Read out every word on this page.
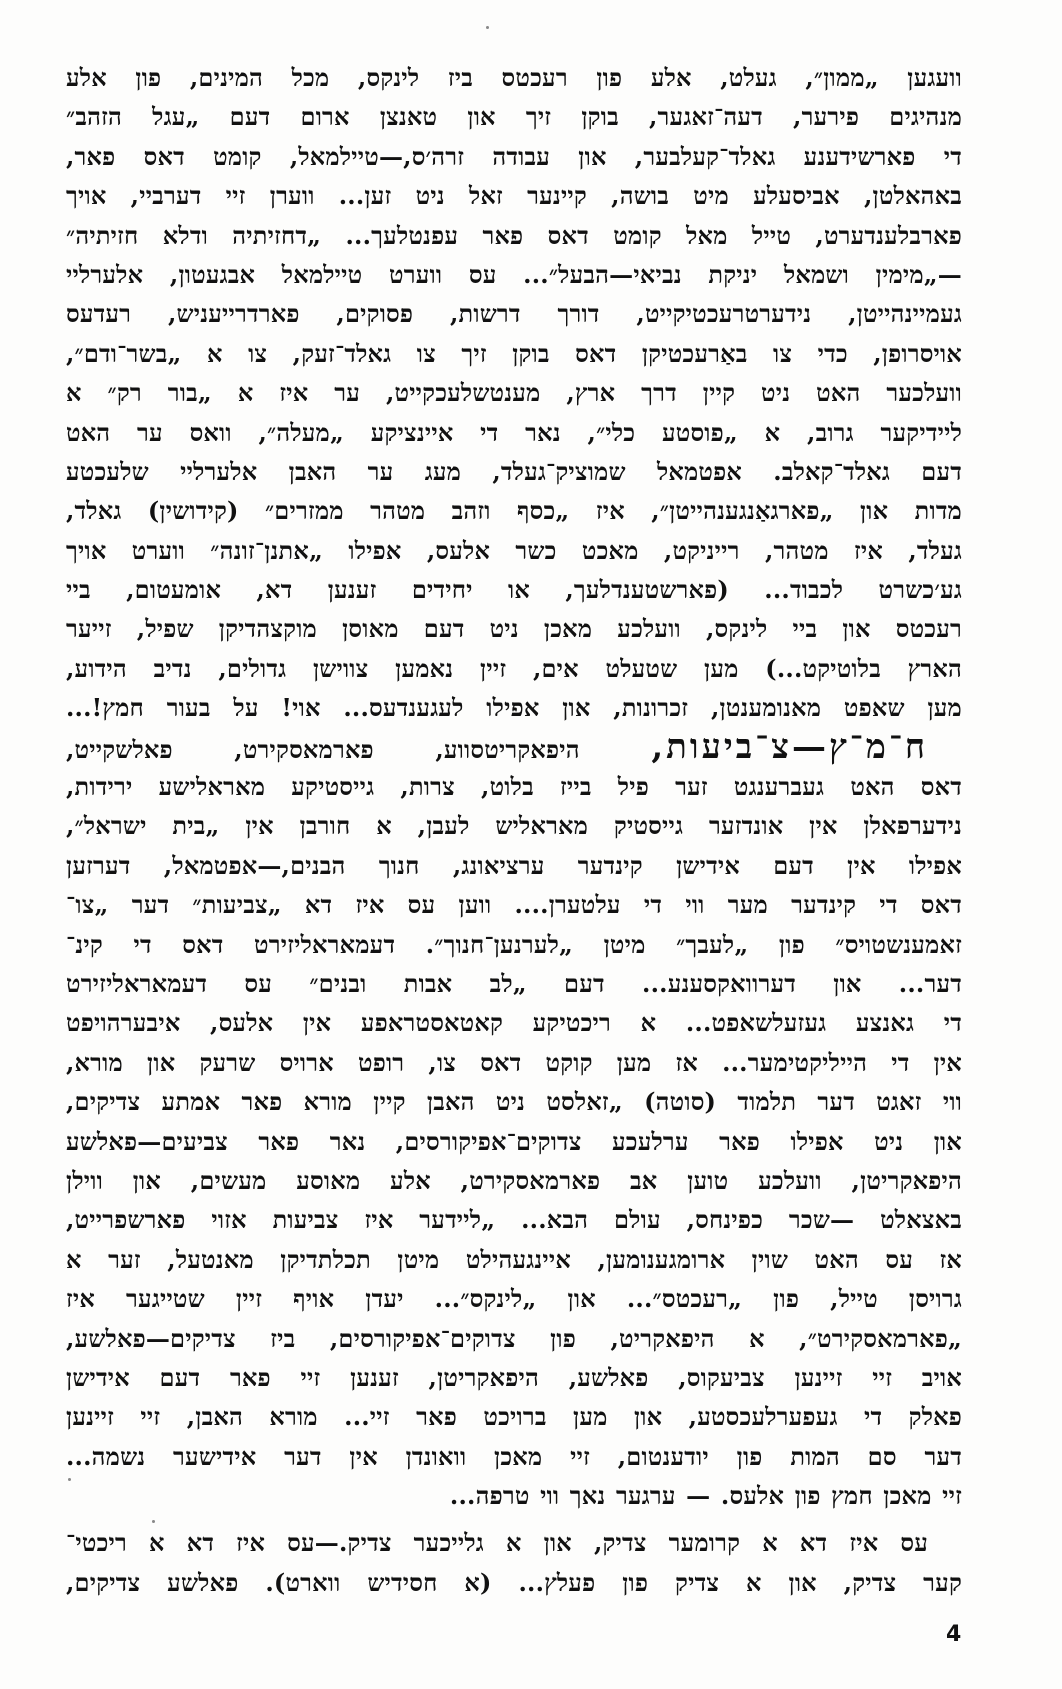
וועגען „ממון״, געלט, אלע פון רעכטס ביז לינקס, מכל המינים, פון אלע
מנהיגים פירער, דעה־זאגער, בוקן זיך און טאנצן ארום דעם „עגל הזהב״
די פארשידענע גאלד־קעלבער, און עבודה זרה׳ס,—טיילמאל, קומט דאס פאר,
באהאלטן, אביסעלע מיט בושה, קיינער זאל ניט זען... ווערן זיי דערביי, אויך
פארבלענדערט, טייל מאל קומט דאס פאר עפנטלעך... „דחזיתיה ודלא חזיתיה״
—„מימין ושמאל יניקת נביאי—הבעל״... עס ווערט טיילמאל אבגעטון, אלערליי
געמיינהייטן, נידערטרעכטיקייט, דורך דרשות, פסוקים, פארדרייעניש, רעדעס
אויסרופן, כדי צו באַרעכטיקן דאס בוקן זיך צו גאלד־זעק, צו א „בשר־ודם״,
וועלכער האט ניט קיין דרך ארץ, מענטשלעכקייט, ער איז א „בור רק״ א
ליידיקער גרוב, א „פוסטע כלי״, נאר די איינציקע „מעלה״, וואס ער האט
דעם גאלד־קאלב. אפטמאל שמוציק־געלד, מעג ער האבן אלערליי שלעכטע
מדות און „פארגאַנגענהייטן״, איז „כסף וזהב מטהר ממזרים״ (קידושין) גאלד,
געלד, איז מטהר, רייניקט, מאכט כשר אלעס, אפילו „אתנן־זונה״ ווערט אויך
גע׳כשרט לכבוד... (פארשטענדלעך, או יחידים זענען דא, אומעטום, ביי
רעכטס און ביי לינקס, וועלכע מאכן ניט דעם מאוסן מוקצהדיקן שפיל, זייער
הארץ בלוטיקט...) מען שטעלט אים, זיין נאמען צווישן גדולים, נדיב הידוע,
מען שאפט מאנומענטן, זכרונות, און אפילו לעגענדעס... אוי! על בעור חמץ!...
ח־מ־ץ—צ־ביעות, היפאקריטסווע, פארמאסקירט, פאלשקייט,
דאס האט געברענגט זער פיל בייז בלוט, צרות, גייסטיקע מאראלישע ירידות,
נידערפאלן אין אונדזער גייסטיק מאראליש לעבן, א חורבן אין „בית ישראל״,
אפילו אין דעם אידישן קינדער ערציאונג, חנוך הבנים,—אפטמאל, דערזען
דאס די קינדער מער ווי די עלטערן.... ווען עס איז דא „צביעות״ דער „צו־
זאמענשטויס״ פון „לעבך״ מיטן „לערנען־חנוך״. דעמאראליזירט דאס די קינ־
דער... און דערוואקסענע... דעם „לב אבות ובנים״ עס דעמאראליזירט
די גאנצע געזעלשאפט... א ריכטיקע קאטאסטראפע אין אלעס, איבערהויפט
אין די הייליקטימער... אז מען קוקט דאס צו, רופט ארויס שרעק און מורא,
ווי זאגט דער תלמוד (סוטה) „זאלסט ניט האבן קיין מורא פאר אמתע צדיקים,
און ניט אפילו פאר ערלעכע צדוקים־אפיקורסים, נאר פאר צביעים—פאלשע
היפאקריטן, וועלכע טוען אב פארמאסקירט, אלע מאוסע מעשים, און ווילן
באצאלט —שכר כפינחס, עולם הבא... „ליידער איז צביעות אזוי פארשפרייט,
אז עס האט שוין ארומגענומען, איינגעהילט מיטן תכלתדיקן מאנטעל, זער א
גרויסן טייל, פון „רעכטס״... און „לינקס״... יעדן אויף זיין שטייגער איז
„פארמאסקירט״, א היפאקריט, פון צדוקים־אפיקורסים, ביז צדיקים—פאלשע,
אויב זיי זיינען צביעקוס, פאלשע, היפאקריטן, זענען זיי פאר דעם אידישן
פאלק די געפערלעכסטע, און מען ברויכט פאר זיי... מורא האבן, זיי זיינען
דער סם המות פון יודענטום, זיי מאכן וואונדן אין דער אידישער נשמה...
זיי מאכן חמץ פון אלעס. — ערגער נאך ווי טרפה...
עס איז דא א קרומער צדיק, און א גלייכער צדיק.—עס איז דא א ריכטי־
קער צדיק, און א צדיק פון פעלץ... (א חסידיש ווארט). פאלשע צדיקים,
4
